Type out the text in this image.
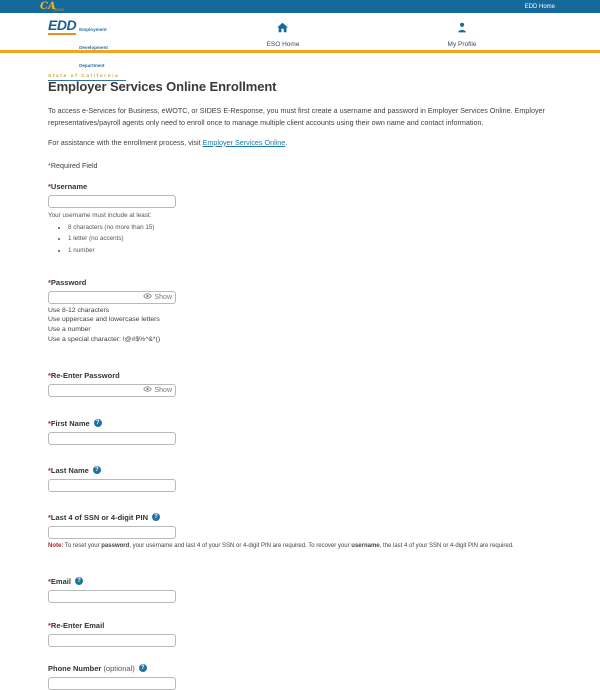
CA
GOV	EDD Home
EDD Employment
Development
Department
State of California
ESO Home	My Profile
Employer Services Online Enrollment

To access e-Services for Business, eWOTC, or SIDES E-Response, you must first create a username and password in Employer Services Online. Employer representatives/payroll agents only need to enroll once to manage multiple client accounts using their own name and contact information.

For assistance with the enrollment process, visit Employer Services Online.

*Required Field

*Username
Your username must include at least:
• 8 characters (no more than 15)
• 1 letter (no accents)
• 1 number
*Password
Show
Use 8-12 characters
Use uppercase and lowercase letters
Use a number
Use a special character: !@#$%^&*()
*Re-Enter Password
Show
*First Name	?
*Last Name	?
*Last 4 of SSN or 4-digit PIN	?
Note: To reset your password, your username and last 4 of your SSN or 4-digit PIN are required. To recover your username, the last 4 of your SSN or 4-digit PIN are required.
*Email	?
*Re-Enter Email
Phone Number (optional)	?
